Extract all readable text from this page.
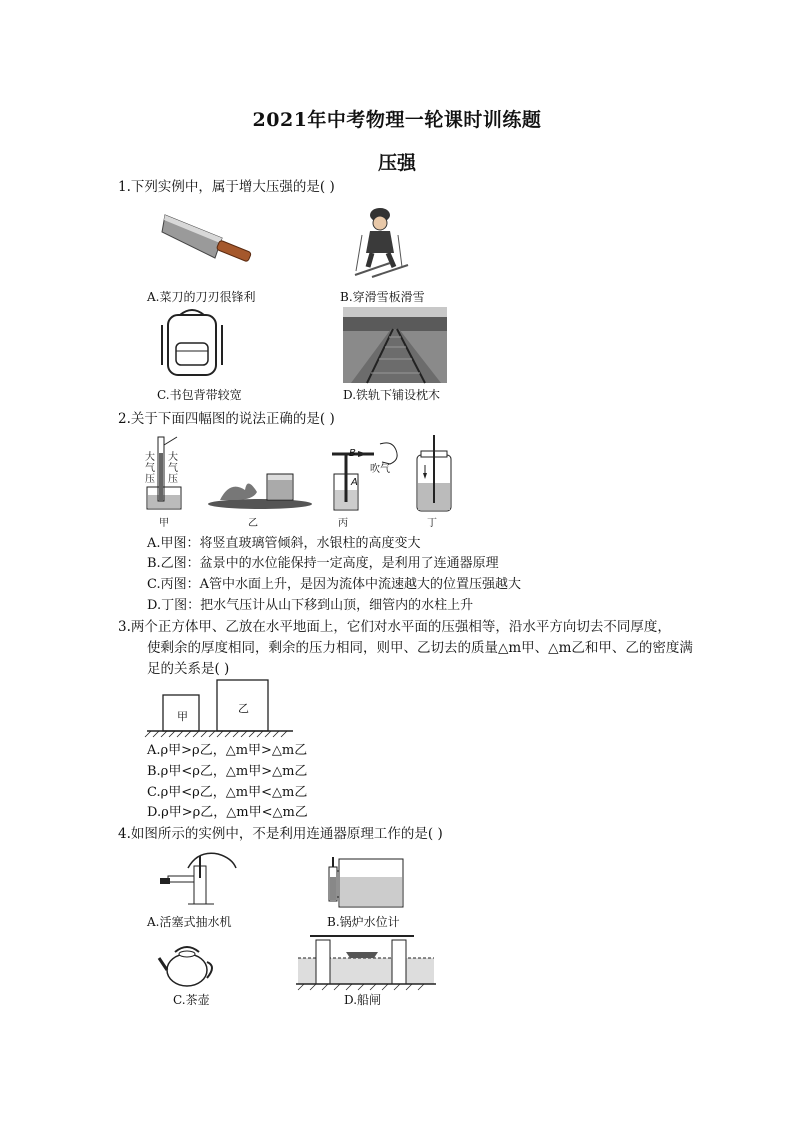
2021年中考物理一轮课时训练题
压强
1.下列实例中，属于增大压强的是( )
A.菜刀的刀刃很锋利	B.穿滑雪板滑雪
C.书包背带较宽	D.铁轨下铺设枕木
2.关于下面四幅图的说法正确的是( )
大气压
大气压
甲	乙
B
A
吹气
丙	丁
A.甲图：将竖直玻璃管倾斜，水银柱的高度变大
B.乙图：盆景中的水位能保持一定高度，是利用了连通器原理
C.丙图：A管中水面上升，是因为流体中流速越大的位置压强越大
D.丁图：把水气压计从山下移到山顶，细管内的水柱上升
3.两个正方体甲、乙放在水平地面上，它们对水平面的压强相等，沿水平方向切去不同厚度，
使剩余的厚度相同，剩余的压力相同，则甲、乙切去的质量△m甲、△m乙和甲、乙的密度满
足的关系是( )
甲
乙
A.ρ甲>ρ乙，△m甲>△m乙
B.ρ甲<ρ乙，△m甲>△m乙
C.ρ甲<ρ乙，△m甲<△m乙
D.ρ甲>ρ乙，△m甲<△m乙
4.如图所示的实例中，不是利用连通器原理工作的是( )
A.活塞式抽水机	B.锅炉水位计
C.茶壶	D.船闸
